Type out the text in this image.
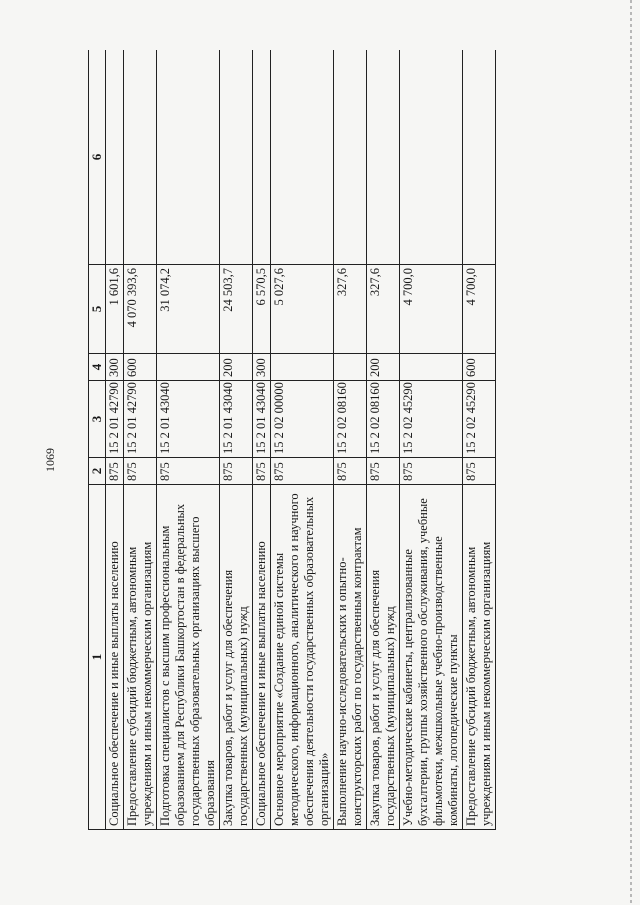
1069
1	2	3	4	5	6
Социальное обеспечение и иные выплаты населению	875	15 2 01 42790	300	1 601,6	
Предоставление субсидий бюджетным, автономным учреждениям и иным некоммерческим организациям	875	15 2 01 42790	600	4 070 393,6	
Подготовка специалистов с высшим профессиональным образованием для Республики Башкортостан в федеральных государственных образовательных организациях высшего образования	875	15 2 01 43040		31 074,2	
Закупка товаров, работ и услуг для обеспечения государственных (муниципальных) нужд	875	15 2 01 43040	200	24 503,7	
Социальное обеспечение и иные выплаты населению	875	15 2 01 43040	300	6 570,5	
Основное мероприятие «Создание единой системы методического, информационного, аналитического и научного обеспечения деятельности государственных образовательных организаций»	875	15 2 02 00000		5 027,6	
Выполнение научно-исследовательских и опытно-конструкторских работ по государственным контрактам	875	15 2 02 08160		327,6	
Закупка товаров, работ и услуг для обеспечения государственных (муниципальных) нужд	875	15 2 02 08160	200	327,6	
Учебно-методические кабинеты, централизованные бухгалтерии, группы хозяйственного обслуживания, учебные фильмотеки, межшкольные учебно-производственные комбинаты, логопедические пункты	875	15 2 02 45290		4 700,0	
Предоставление субсидий бюджетным, автономным учреждениям и иным некоммерческим организациям	875	15 2 02 45290	600	4 700,0	
